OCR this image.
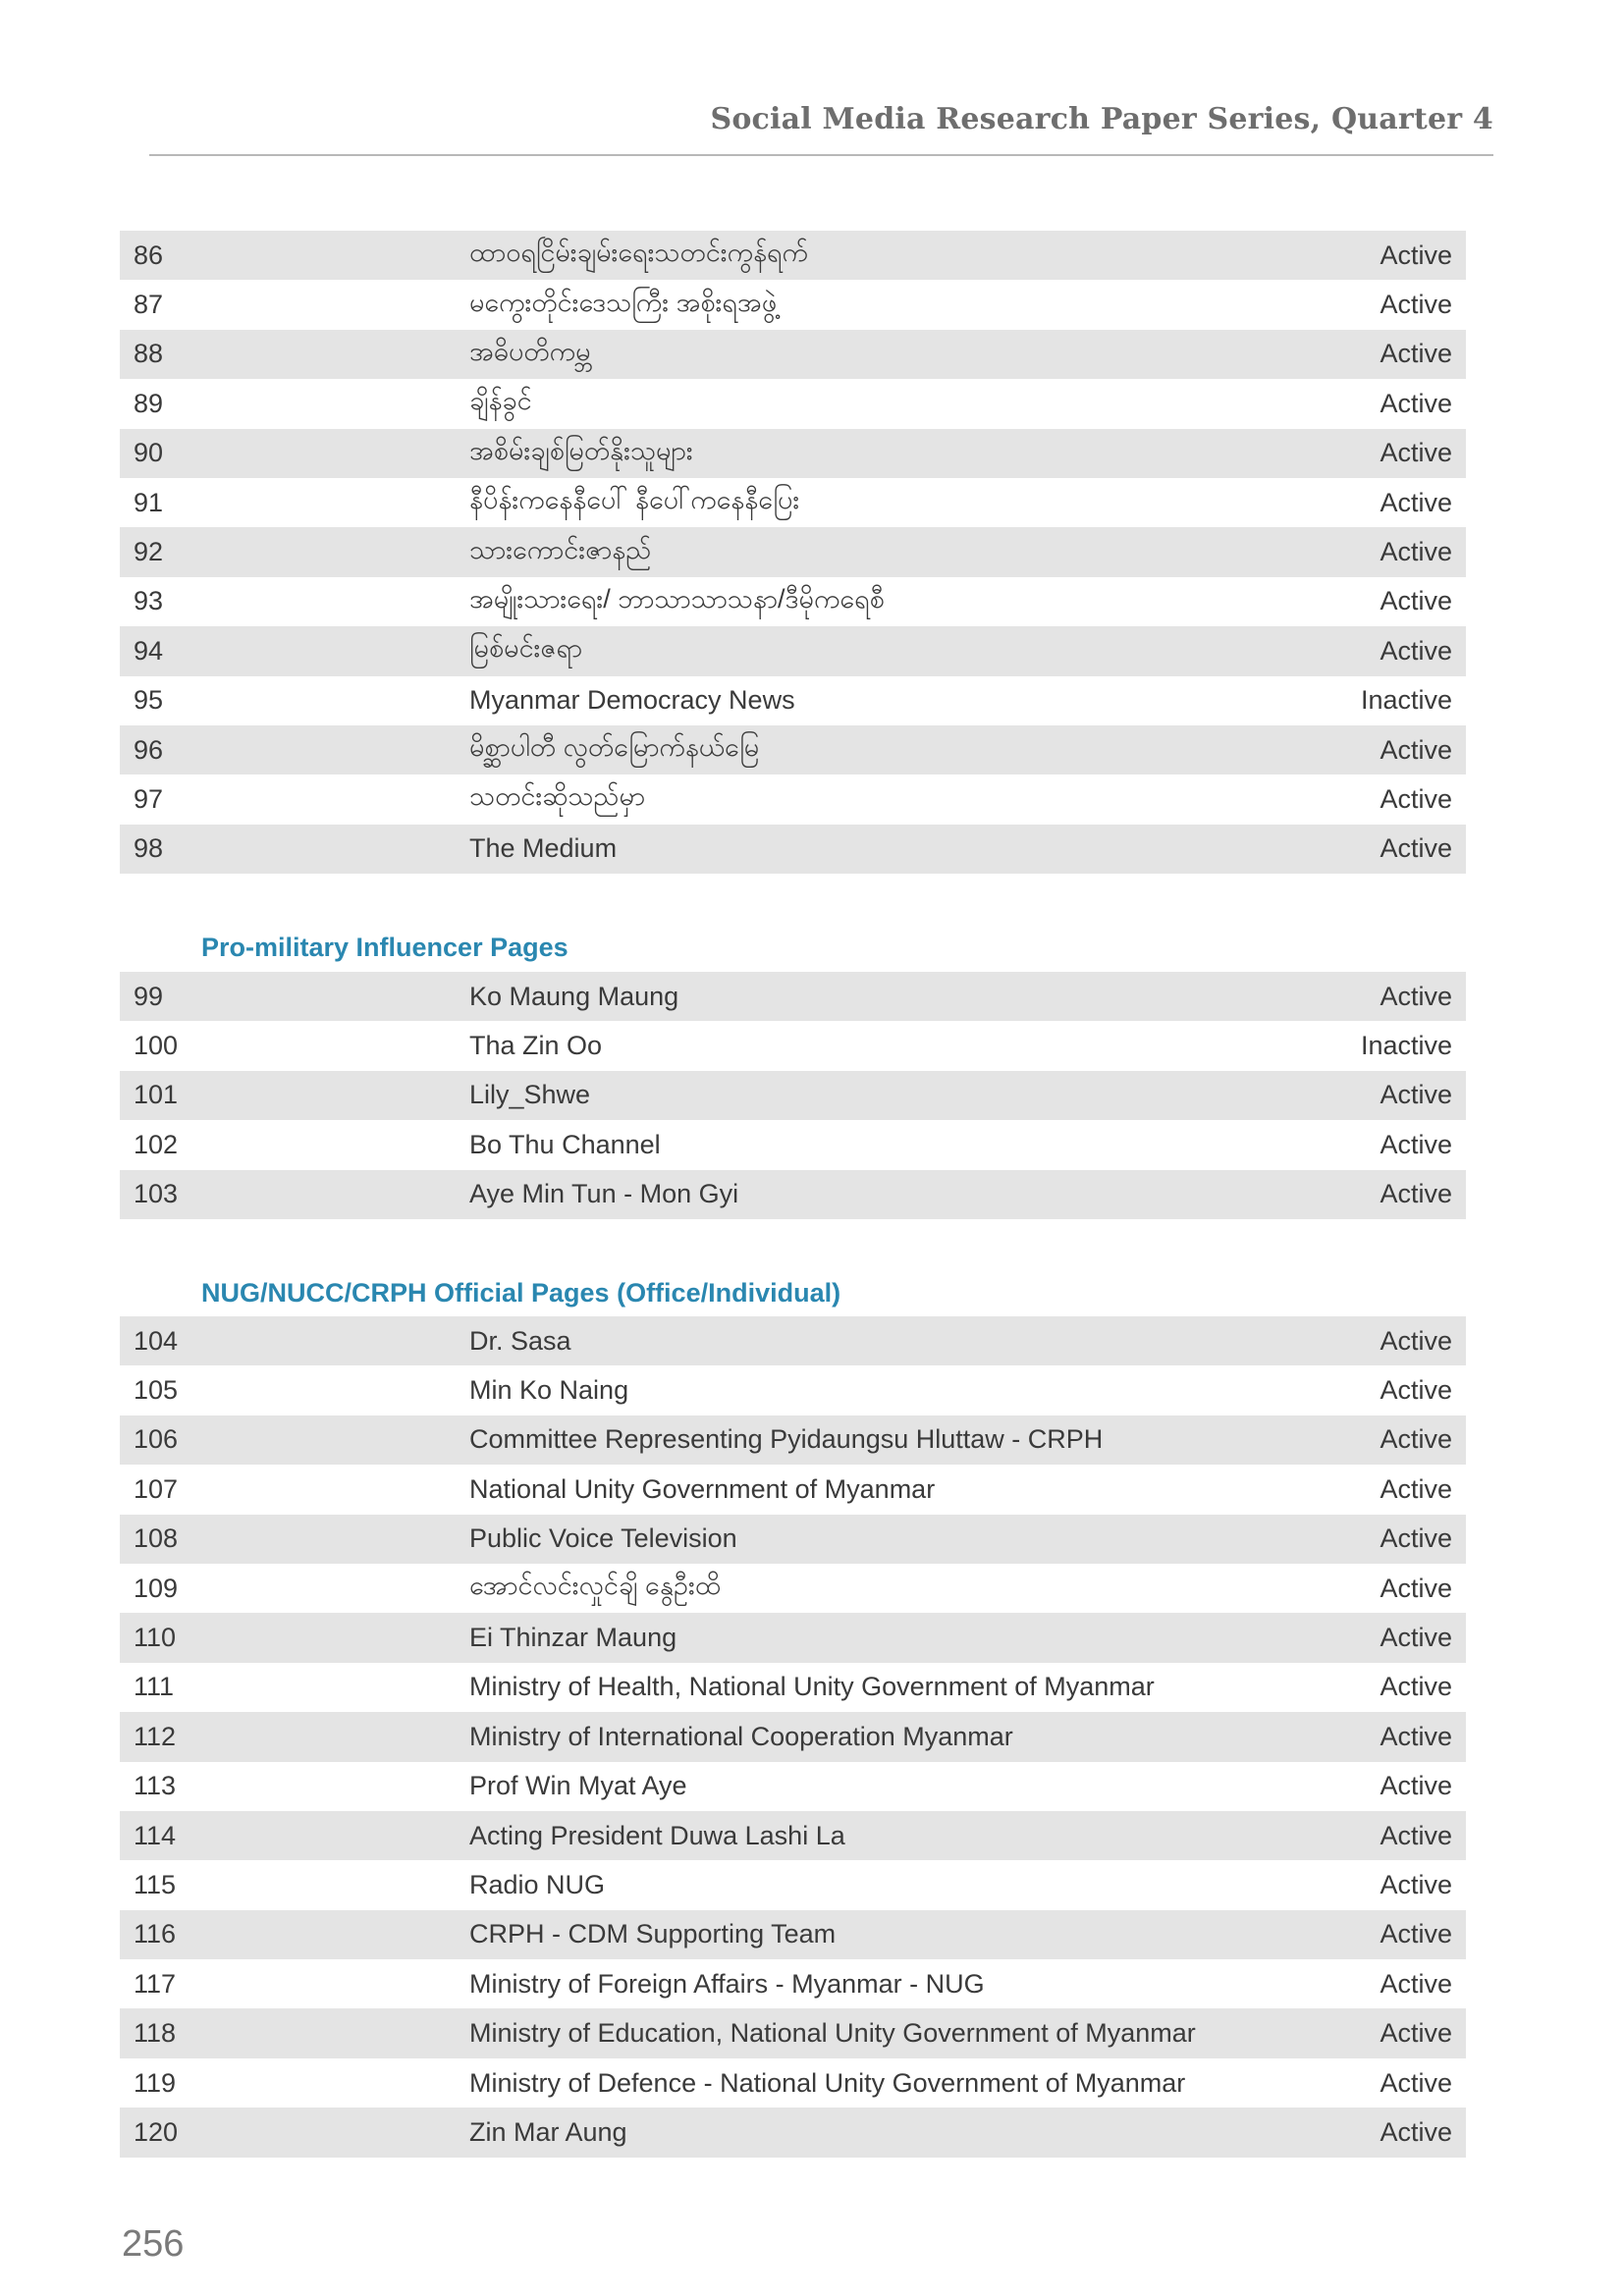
Social Media Research Paper Series, Quarter 4
86	ထာဝရငြိမ်းချမ်းရေးသတင်းကွန်ရက်	Active
87	မကွေးတိုင်းဒေသကြီး အစိုးရအဖွဲ့	Active
88	အဓိပတိကမ္ဘ	Active
89	ချိန်ခွင်	Active
90	အစိမ်းချစ်မြတ်နိုးသူများ	Active
91	နီပိန်းကနေနီပေါ် နီပေါ်ကနေနီပြေး	Active
92	သားကောင်းဇာနည်	Active
93	အမျိုးသားရေး/ ဘာသာသာသနာ/ဒီမိုကရေစီ	Active
94	မြစ်မင်းဇရာ	Active
95	Myanmar Democracy News	Inactive
96	မိစ္ဆာပါတီ လွတ်မြောက်နယ်မြေ	Active
97	သတင်းဆိုသည်မှာ	Active
98	The Medium	Active
Pro-military Influencer Pages
99	Ko Maung Maung	Active
100	Tha Zin Oo	Inactive
101	Lily_Shwe	Active
102	Bo Thu Channel	Active
103	Aye Min Tun - Mon Gyi	Active
NUG/NUCC/CRPH Official Pages (Office/Individual)
104	Dr. Sasa	Active
105	Min Ko Naing	Active
106	Committee Representing Pyidaungsu Hluttaw - CRPH	Active
107	National Unity Government of Myanmar	Active
108	Public Voice Television	Active
109	အောင်လင်းလှုင်ချိ နွေဦးထိ	Active
110	Ei Thinzar Maung	Active
111	Ministry of Health, National Unity Government of Myanmar	Active
112	Ministry of International Cooperation Myanmar	Active
113	Prof Win Myat Aye	Active
114	Acting President Duwa Lashi La	Active
115	Radio NUG	Active
116	CRPH - CDM Supporting Team	Active
117	Ministry of Foreign Affairs - Myanmar - NUG	Active
118	Ministry of Education, National Unity Government of Myanmar	Active
119	Ministry of Defence - National Unity Government of Myanmar	Active
120	Zin Mar Aung	Active
256
